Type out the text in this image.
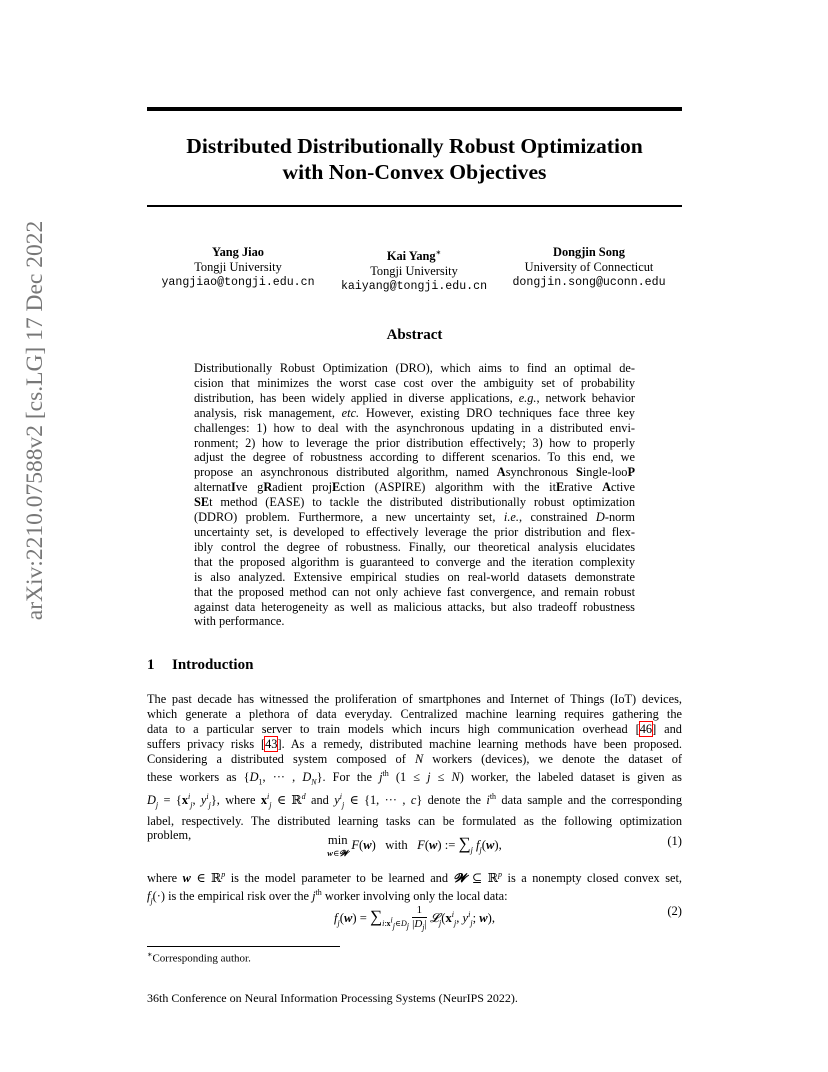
arXiv:2210.07588v2 [cs.LG] 17 Dec 2022
Distributed Distributionally Robust Optimization
with Non-Convex Objectives
Yang Jiao
Tongji University
yangjiao@tongji.edu.cn
Kai Yang∗
Tongji University
kaiyang@tongji.edu.cn
Dongjin Song
University of Connecticut
dongjin.song@uconn.edu
Abstract
Distributionally Robust Optimization (DRO), which aims to find an optimal de-
cision that minimizes the worst case cost over the ambiguity set of probability
distribution, has been widely applied in diverse applications, e.g., network behavior
analysis, risk management, etc. However, existing DRO techniques face three key
challenges: 1) how to deal with the asynchronous updating in a distributed envi-
ronment; 2) how to leverage the prior distribution effectively; 3) how to properly
adjust the degree of robustness according to different scenarios. To this end, we
propose an asynchronous distributed algorithm, named Asynchronous Single-looP
alternatIve gRadient projEction (ASPIRE) algorithm with the itErative Active
SEt method (EASE) to tackle the distributed distributionally robust optimization
(DDRO) problem. Furthermore, a new uncertainty set, i.e., constrained D-norm
uncertainty set, is developed to effectively leverage the prior distribution and flex-
ibly control the degree of robustness. Finally, our theoretical analysis elucidates
that the proposed algorithm is guaranteed to converge and the iteration complexity
is also analyzed. Extensive empirical studies on real-world datasets demonstrate
that the proposed method can not only achieve fast convergence, and remain robust
against data heterogeneity as well as malicious attacks, but also tradeoff robustness
with performance.
1 Introduction
The past decade has witnessed the proliferation of smartphones and Internet of Things (IoT) devices,
which generate a plethora of data everyday. Centralized machine learning requires gathering the
data to a particular server to train models which incurs high communication overhead [46] and
suffers privacy risks [43]. As a remedy, distributed machine learning methods have been proposed.
Considering a distributed system composed of N workers (devices), we denote the dataset of
these workers as {$D_1$, ··· , $D_N$}. For the $j^{th}$ (1 ≤ j ≤ N) worker, the labeled dataset is given as
$D_j = \{x^i_j$, $y^i_j$}, where $x^i_j$ ∈ ℝ$^d$ and $y^i_j$ ∈ {1, ··· , c} denote the $i^{th}$ data sample and the corresponding
label, respectively. The distributed learning tasks can be formulated as the following optimization
problem,	min
w∈𝓦 F(w)   with   F(w) := $\sum_j$ $f_j(w)$,	(1)
where w ∈ ℝ$^p$ is the model parameter to be learned and 𝓦 ⊆ ℝ$^p$ is a nonempty closed convex set,
$f_j(\cdot)$ is the empirical risk over the $j^{th}$ worker involving only the local data:
$f_j(w) = \sum_{i:x^i_j\in D_j} \frac{1}{|D_j|}$ $𝓛_j(x^i_j$, $y^i_j$; w),	(2)
∗Corresponding author.
36th Conference on Neural Information Processing Systems (NeurIPS 2022).
